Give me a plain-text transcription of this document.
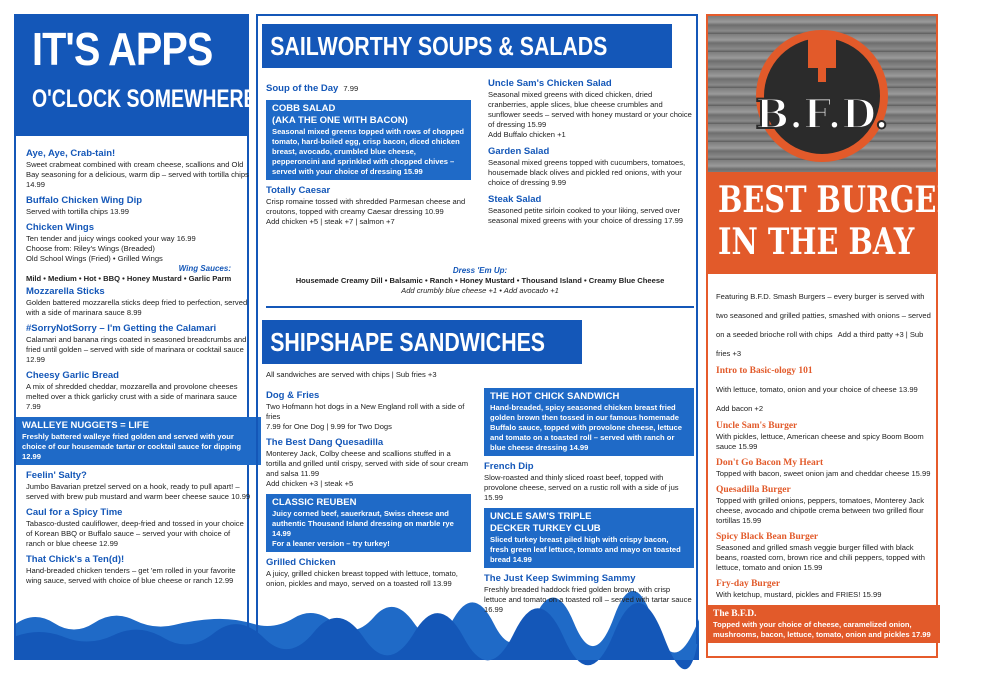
IT'S APPS
O'CLOCK SOMEWHERE
Aye, Aye, Crab-tain!
Sweet crabmeat combined with cream cheese, scallions and Old Bay seasoning for a delicious, warm dip – served with tortilla chips 14.99
Buffalo Chicken Wing Dip
Served with tortilla chips 13.99
Chicken Wings
Ten tender and juicy wings cooked your way 16.99
Choose from: Riley's Wings (Breaded)
Old School Wings (Fried) • Grilled Wings
Wing Sauces:
Mild • Medium • Hot • BBQ • Honey Mustard • Garlic Parm
Mozzarella Sticks
Golden battered mozzarella sticks deep fried to perfection, served with a side of marinara sauce 8.99
#SorryNotSorry – I'm Getting the Calamari
Calamari and banana rings coated in seasoned breadcrumbs and fried until golden – served with side of marinara or cocktail sauce 12.99
Cheesy Garlic Bread
A mix of shredded cheddar, mozzarella and provolone cheeses melted over a thick garlicky crust with a side of marinara sauce 7.99
WALLEYE NUGGETS = LIFE
Freshly battered walleye fried golden and served with your choice of our housemade tartar or cocktail sauce for dipping 12.99
Feelin' Salty?
Jumbo Bavarian pretzel served on a hook, ready to pull apart! – served with brew pub mustard and warm beer cheese sauce 10.99
Caul for a Spicy Time
Tabasco-dusted cauliflower, deep-fried and tossed in your choice of Korean BBQ or Buffalo sauce – served your with choice of ranch or blue cheese 12.99
That Chick's a Ten(d)!
Hand-breaded chicken tenders – get 'em rolled in your favorite wing sauce, served with choice of blue cheese or ranch 12.99
SAILWORTHY SOUPS & SALADS
Soup of the Day 7.99
COBB SALAD
(AKA THE ONE WITH BACON)
Seasonal mixed greens topped with rows of chopped tomato, hard-boiled egg, crisp bacon, diced chicken breast, avocado, crumbled blue cheese, pepperoncini and sprinkled with chopped chives – served with your choice of dressing 15.99
Totally Caesar
Crisp romaine tossed with shredded Parmesan cheese and croutons, topped with creamy Caesar dressing 10.99
Add chicken +5 | steak +7 | salmon +7
Uncle Sam's Chicken Salad
Seasonal mixed greens with diced chicken, dried cranberries, apple slices, blue cheese crumbles and sunflower seeds – served with honey mustard or your choice of dressing 15.99
Add Buffalo chicken +1
Garden Salad
Seasonal mixed greens topped with cucumbers, tomatoes, housemade black olives and pickled red onions, with your choice of dressing 9.99
Steak Salad
Seasoned petite sirloin cooked to your liking, served over seasonal mixed greens with your choice of dressing 17.99
Dress 'Em Up:
Housemade Creamy Dill • Balsamic • Ranch • Honey Mustard • Thousand Island • Creamy Blue Cheese
Add crumbly blue cheese +1 • Add avocado +1
SHIPSHAPE SANDWICHES
All sandwiches are served with chips | Sub fries +3
Dog & Fries
Two Hofmann hot dogs in a New England roll with a side of fries
7.99 for One Dog | 9.99 for Two Dogs
The Best Dang Quesadilla
Monterey Jack, Colby cheese and scallions stuffed in a tortilla and grilled until crispy, served with side of sour cream and salsa 11.99
Add chicken +3 | steak +5
CLASSIC REUBEN
Juicy corned beef, sauerkraut, Swiss cheese and authentic Thousand Island dressing on marble rye 14.99
For a leaner version – try turkey!
Grilled Chicken
A juicy, grilled chicken breast topped with lettuce, tomato, onion, pickles and mayo, served on a toasted roll 13.99
THE HOT CHICK SANDWICH
Hand-breaded, spicy seasoned chicken breast fried golden brown then tossed in our famous homemade Buffalo sauce, topped with provolone cheese, lettuce and tomato on a toasted roll – served with ranch or blue cheese dressing 14.99
French Dip
Slow-roasted and thinly sliced roast beef, topped with provolone cheese, served on a rustic roll with a side of jus 15.99
UNCLE SAM'S TRIPLE
DECKER TURKEY CLUB
Sliced turkey breast piled high with crispy bacon, fresh green leaf lettuce, tomato and mayo on toasted bread 14.99
The Just Keep Swimming Sammy
Freshly breaded haddock fried golden brown, with crisp lettuce and tomato on a toasted roll – served with tartar sauce 16.99
B.F.D.
BEST BURGERS
IN THE BAY
Featuring B.F.D. Smash Burgers – every burger is served with two seasoned and grilled patties, smashed with onions – served on a seeded brioche roll with chips Add a third patty +3 | Sub fries +3
Intro to Basic-ology 101
With lettuce, tomato, onion and your choice of cheese 13.99 Add bacon +2
Uncle Sam's Burger
With pickles, lettuce, American cheese and spicy Boom Boom sauce 15.99
Don't Go Bacon My Heart
Topped with bacon, sweet onion jam and cheddar cheese 15.99
Quesadilla Burger
Topped with grilled onions, peppers, tomatoes, Monterey Jack cheese, avocado and chipotle crema between two grilled flour tortillas 15.99
Spicy Black Bean Burger
Seasoned and grilled smash veggie burger filled with black beans, roasted corn, brown rice and chili peppers, topped with lettuce, tomato and onion 15.99
Fry-day Burger
With ketchup, mustard, pickles and FRIES! 15.99
The B.F.D.
Topped with your choice of cheese, caramelized onion, mushrooms, bacon, lettuce, tomato, onion and pickles 17.99
